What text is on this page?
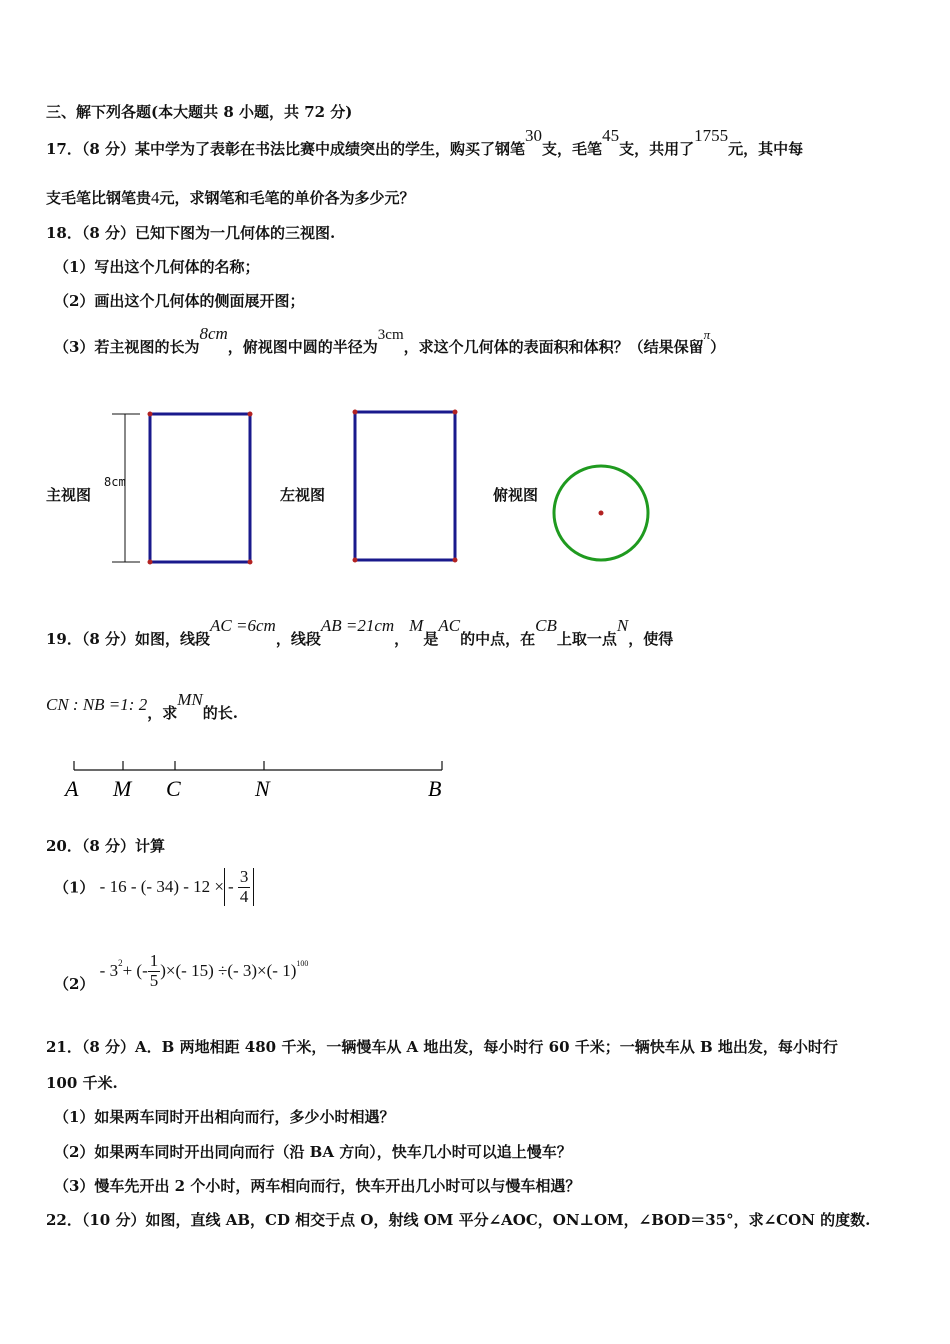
三、解下列各题(本大题共 8 小题，共 72 分)
17．（8 分）某中学为了表彰在书法比赛中成绩突出的学生，购买了钢笔30支，毛笔45支，共用了1755元，其中每
支毛笔比钢笔贵4元，求钢笔和毛笔的单价各为多少元？
18．（8 分）已知下图为一几何体的三视图.
（1）写出这个几何体的名称；
（2）画出这个几何体的侧面展开图；
（3）若主视图的长为8cm，俯视图中圆的半径为3cm，求这个几何体的表面积和体积？（结果保留π）
主视图	左视图	俯视图
8cm
19．（8 分）如图，线段AC =6cm，线段AB =21cm，M是AC的中点，在CB上取一点N，使得
CN : NB =1: 2，求MN的长.
A M C	N	B
20．（8 分）计算
（1） - 16 - (- 34) - 12 × - $\frac{3}{4}$
$(2) - 3^2+$ (- $\frac{1}{5}$ )×(- 15) ÷(- 3)×(- 1)$^{100}$
21．（8 分）A．B 两地相距 480 千米，一辆慢车从 A 地出发，每小时行 60 千米；一辆快车从 B 地出发，每小时行
100 千米.
（1）如果两车同时开出相向而行，多少小时相遇？
（2）如果两车同时开出同向而行（沿 BA 方向），快车几小时可以追上慢车？
（3）慢车先开出 2 个小时，两车相向而行，快车开出几小时可以与慢车相遇？
22．（10 分）如图，直线 AB，CD 相交于点 O，射线 OM 平分∠AOC，ON⊥OM，∠BOD＝35°，求∠CON 的度数.
